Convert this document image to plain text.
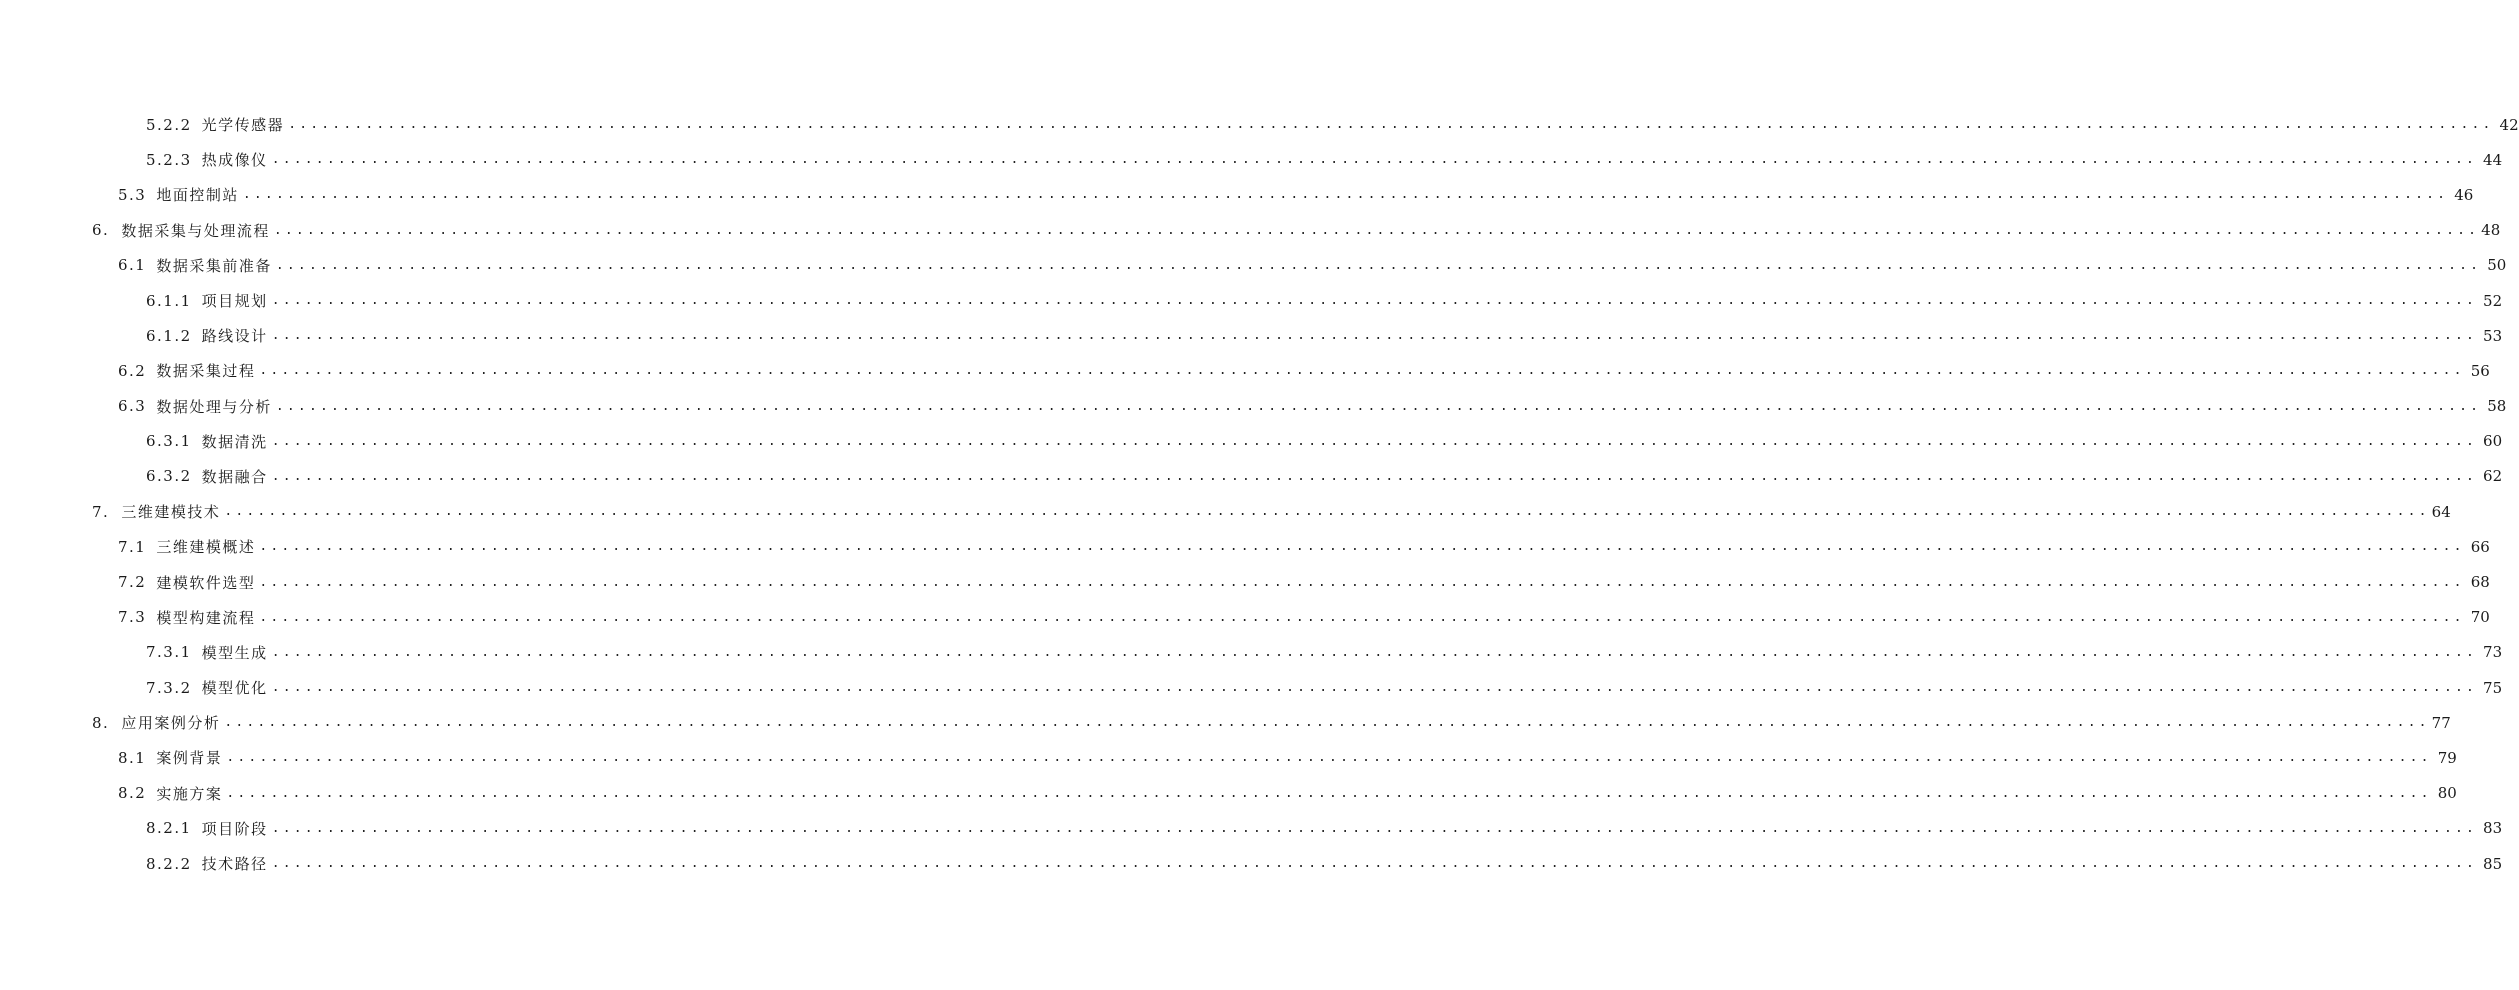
5.2.2 光学传感器 ........................................................................................................................................................................................................ 42
5.2.3 热成像仪 ........................................................................................................................................................................................................ 44
5.3 地面控制站 ........................................................................................................................................................................................................ 46
6. 数据采集与处理流程 ........................................................................................................................................................................................................ 48
6.1 数据采集前准备 ........................................................................................................................................................................................................ 50
6.1.1 项目规划 ........................................................................................................................................................................................................ 52
6.1.2 路线设计 ........................................................................................................................................................................................................ 53
6.2 数据采集过程 ........................................................................................................................................................................................................ 56
6.3 数据处理与分析 ........................................................................................................................................................................................................ 58
6.3.1 数据清洗 ........................................................................................................................................................................................................ 60
6.3.2 数据融合 ........................................................................................................................................................................................................ 62
7. 三维建模技术 ........................................................................................................................................................................................................ 64
7.1 三维建模概述 ........................................................................................................................................................................................................ 66
7.2 建模软件选型 ........................................................................................................................................................................................................ 68
7.3 模型构建流程 ........................................................................................................................................................................................................ 70
7.3.1 模型生成 ........................................................................................................................................................................................................ 73
7.3.2 模型优化 ........................................................................................................................................................................................................ 75
8. 应用案例分析 ........................................................................................................................................................................................................ 77
8.1 案例背景 ........................................................................................................................................................................................................ 79
8.2 实施方案 ........................................................................................................................................................................................................ 80
8.2.1 项目阶段 ........................................................................................................................................................................................................ 83
8.2.2 技术路径 ........................................................................................................................................................................................................ 85
